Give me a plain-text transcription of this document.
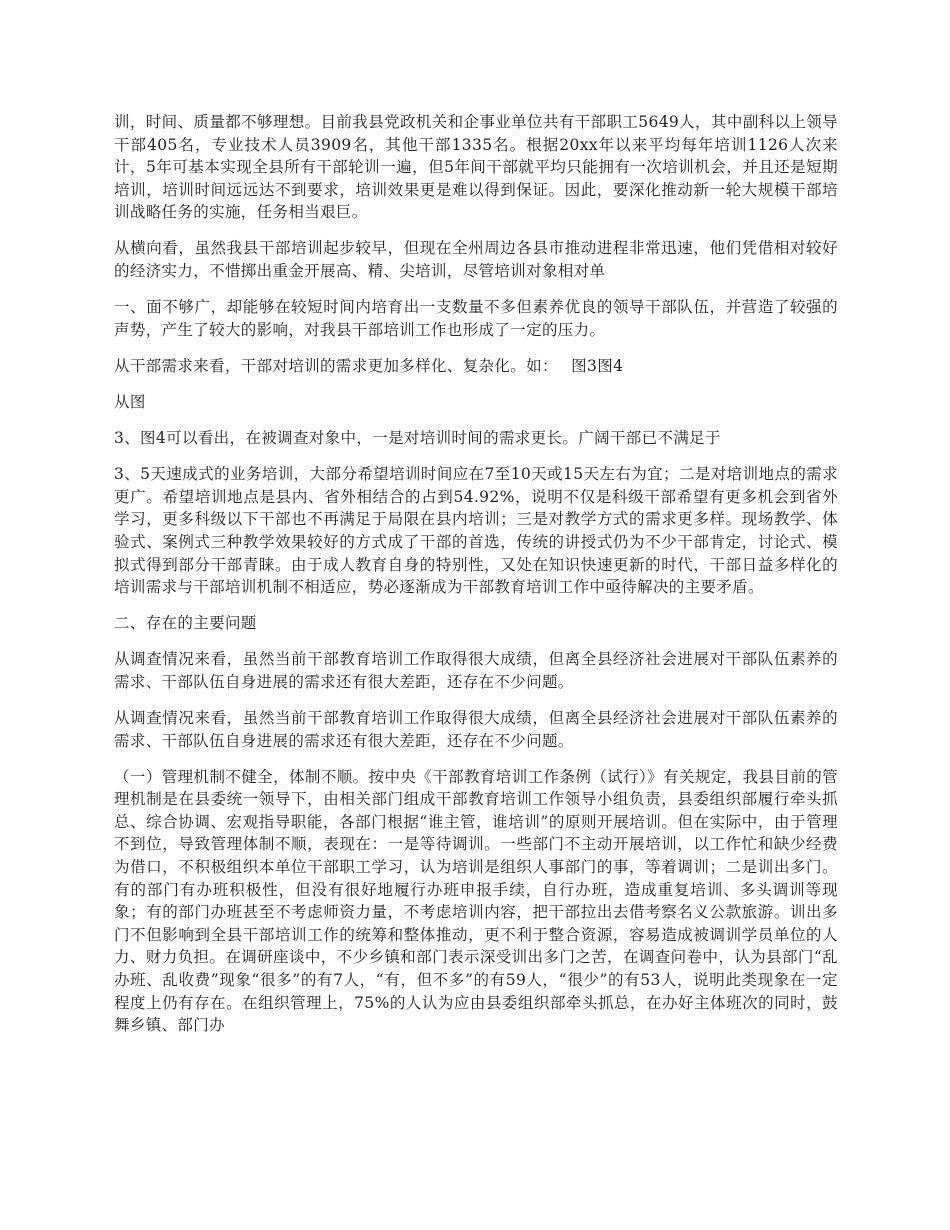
训，时间、质量都不够理想。目前我县党政机关和企事业单位共有干部职工5649人，其中副科以上领导干部405名，专业技术人员3909名，其他干部1335名。根据20xx年以来平均每年培训1126人次来计，5年可基本实现全县所有干部轮训一遍，但5年间干部就平均只能拥有一次培训机会，并且还是短期培训，培训时间远远达不到要求，培训效果更是难以得到保证。因此，要深化推动新一轮大规模干部培训战略任务的实施，任务相当艰巨。

从横向看，虽然我县干部培训起步较早，但现在全州周边各县市推动进程非常迅速，他们凭借相对较好的经济实力，不惜掷出重金开展高、精、尖培训，尽管培训对象相对单

一、面不够广，却能够在较短时间内培育出一支数量不多但素养优良的领导干部队伍，并营造了较强的声势，产生了较大的影响，对我县干部培训工作也形成了一定的压力。

从干部需求来看，干部对培训的需求更加多样化、复杂化。如：　 图3图4

从图

3、图4可以看出，在被调查对象中，一是对培训时间的需求更长。广阔干部已不满足于

3、5天速成式的业务培训，大部分希望培训时间应在7至10天或15天左右为宜；二是对培训地点的需求更广。希望培训地点是县内、省外相结合的占到54.92%，说明不仅是科级干部希望有更多机会到省外学习，更多科级以下干部也不再满足于局限在县内培训；三是对教学方式的需求更多样。现场教学、体验式、案例式三种教学效果较好的方式成了干部的首选，传统的讲授式仍为不少干部肯定，讨论式、模拟式得到部分干部青睐。由于成人教育自身的特别性，又处在知识快速更新的时代，干部日益多样化的培训需求与干部培训机制不相适应，势必逐渐成为干部教育培训工作中亟待解决的主要矛盾。

二、存在的主要问题

从调查情况来看，虽然当前干部教育培训工作取得很大成绩，但离全县经济社会进展对干部队伍素养的需求、干部队伍自身进展的需求还有很大差距，还存在不少问题。

从调查情况来看，虽然当前干部教育培训工作取得很大成绩，但离全县经济社会进展对干部队伍素养的需求、干部队伍自身进展的需求还有很大差距，还存在不少问题。

（一）管理机制不健全，体制不顺。按中央《干部教育培训工作条例（试行）》有关规定，我县目前的管理机制是在县委统一领导下，由相关部门组成干部教育培训工作领导小组负责，县委组织部履行牵头抓总、综合协调、宏观指导职能，各部门根据“谁主管，谁培训”的原则开展培训。但在实际中，由于管理不到位，导致管理体制不顺，表现在：一是等待调训。一些部门不主动开展培训，以工作忙和缺少经费为借口，不积极组织本单位干部职工学习，认为培训是组织人事部门的事，等着调训；二是训出多门。有的部门有办班积极性，但没有很好地履行办班申报手续，自行办班，造成重复培训、多头调训等现象；有的部门办班甚至不考虑师资力量，不考虑培训内容，把干部拉出去借考察名义公款旅游。训出多门不但影响到全县干部培训工作的统筹和整体推动，更不利于整合资源，容易造成被调训学员单位的人力、财力负担。在调研座谈中，不少乡镇和部门表示深受训出多门之苦，在调查问卷中，认为县部门“乱办班、乱收费”现象“很多”的有7人，“有，但不多”的有59人，“很少”的有53人，说明此类现象在一定程度上仍有存在。在组织管理上，75%的人认为应由县委组织部牵头抓总，在办好主体班次的同时，鼓舞乡镇、部门办
